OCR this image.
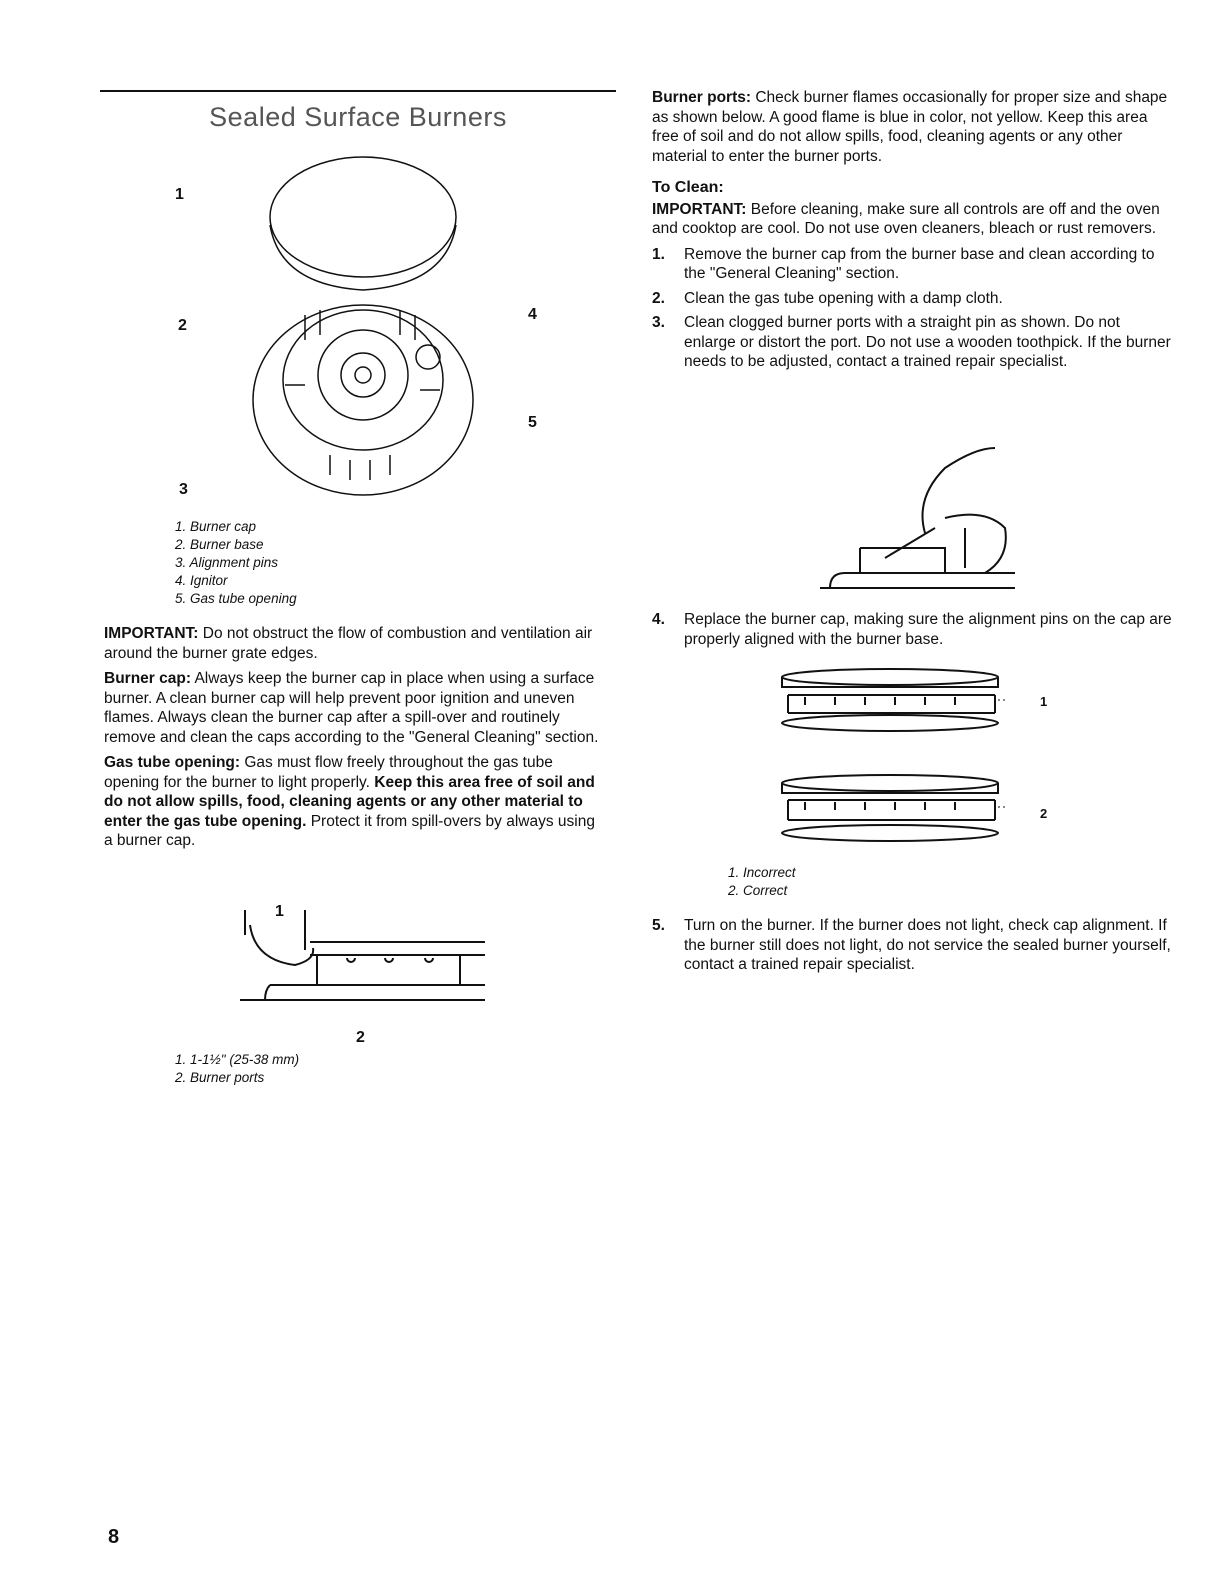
Sealed Surface Burners
1
2
3
4
5
1. Burner cap
2. Burner base
3. Alignment pins
4. Ignitor
5. Gas tube opening

IMPORTANT: Do not obstruct the flow of combustion and ventilation air around the burner grate edges.

Burner cap: Always keep the burner cap in place when using a surface burner. A clean burner cap will help prevent poor ignition and uneven flames. Always clean the burner cap after a spill-over and routinely remove and clean the caps according to the "General Cleaning" section.

Gas tube opening: Gas must flow freely throughout the gas tube opening for the burner to light properly. Keep this area free of soil and do not allow spills, food, cleaning agents or any other material to enter the gas tube opening. Protect it from spill-overs by always using a burner cap.

1
2
1. 1-1½" (25-38 mm)
2. Burner ports

Burner ports: Check burner flames occasionally for proper size and shape as shown below. A good flame is blue in color, not yellow. Keep this area free of soil and do not allow spills, food, cleaning agents or any other material to enter the burner ports.

To Clean:

IMPORTANT: Before cleaning, make sure all controls are off and the oven and cooktop are cool. Do not use oven cleaners, bleach or rust removers.

1.	Remove the burner cap from the burner base and clean according to the "General Cleaning" section.
2.	Clean the gas tube opening with a damp cloth.
3.	Clean clogged burner ports with a straight pin as shown. Do not enlarge or distort the port. Do not use a wooden toothpick. If the burner needs to be adjusted, contact a trained repair specialist.
4.	Replace the burner cap, making sure the alignment pins on the cap are properly aligned with the burner base.
1
2
1. Incorrect
2. Correct
5.	Turn on the burner. If the burner does not light, check cap alignment. If the burner still does not light, do not service the sealed burner yourself, contact a trained repair specialist.
8
